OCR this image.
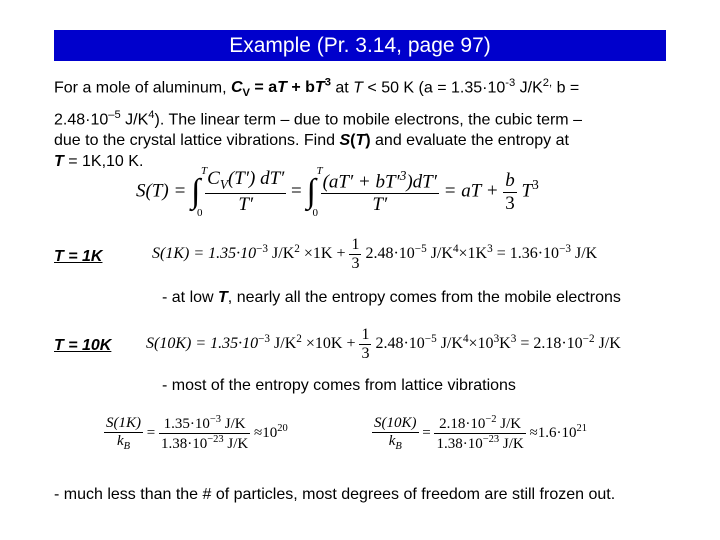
Example (Pr. 3.14, page 97)
For a mole of aluminum, $C_V$ = aT + $bT^3$ at T < 50 K ($a = 1.35\cdot 10^{-3}$ $J/K^{2,}$ b =
$2.48\cdot 10^{-5}$ $J/K^4$). The linear term – due to mobile electrons, the cubic term –
due to the crystal lattice vibrations. Find S(T) and evaluate the entropy at
T = 1K,10 K.
S(T) = ∫
T
0
$\frac{C_V(T') dT'}{T'}$ = ∫
T
0
$\frac{(aT' + bT'^3)dT'}{T'}$ = aT + $\frac{b}{3} T^3$
T = 1K	$S(1K) = 1.35\cdot 10^{-3}$ $J/K^2 \times 1K + \frac{1}{3} 2.48\cdot 10^{-5}$ $J/K^4\times 1K^3 = 1.36\cdot 10^{-3}$ J/K
- at low T, nearly all the entropy comes from the mobile electrons
T = 10K $S(10K) = 1.35\cdot 10^{-3}$ $J/K^2 \times 10K + \frac{1}{3} 2.48\cdot 10^{-5}$ $J/K^4\times 10^3K^3 = 2.18\cdot 10^{-2}$ J/K
- most of the entropy comes from lattice vibrations
$\frac{S(1K)}{k_B} = \frac{1.35\cdot 10^{-3} J/K}{1.38\cdot 10^{-23} J/K} \approx 10^{20}$	$\frac{S(10K)}{k_B} = \frac{2.18\cdot 10^{-2} J/K}{1.38\cdot 10^{-23} J/K} \approx 1.6\cdot 10^{21}$
- much less than the # of particles, most degrees of freedom are still frozen out.
